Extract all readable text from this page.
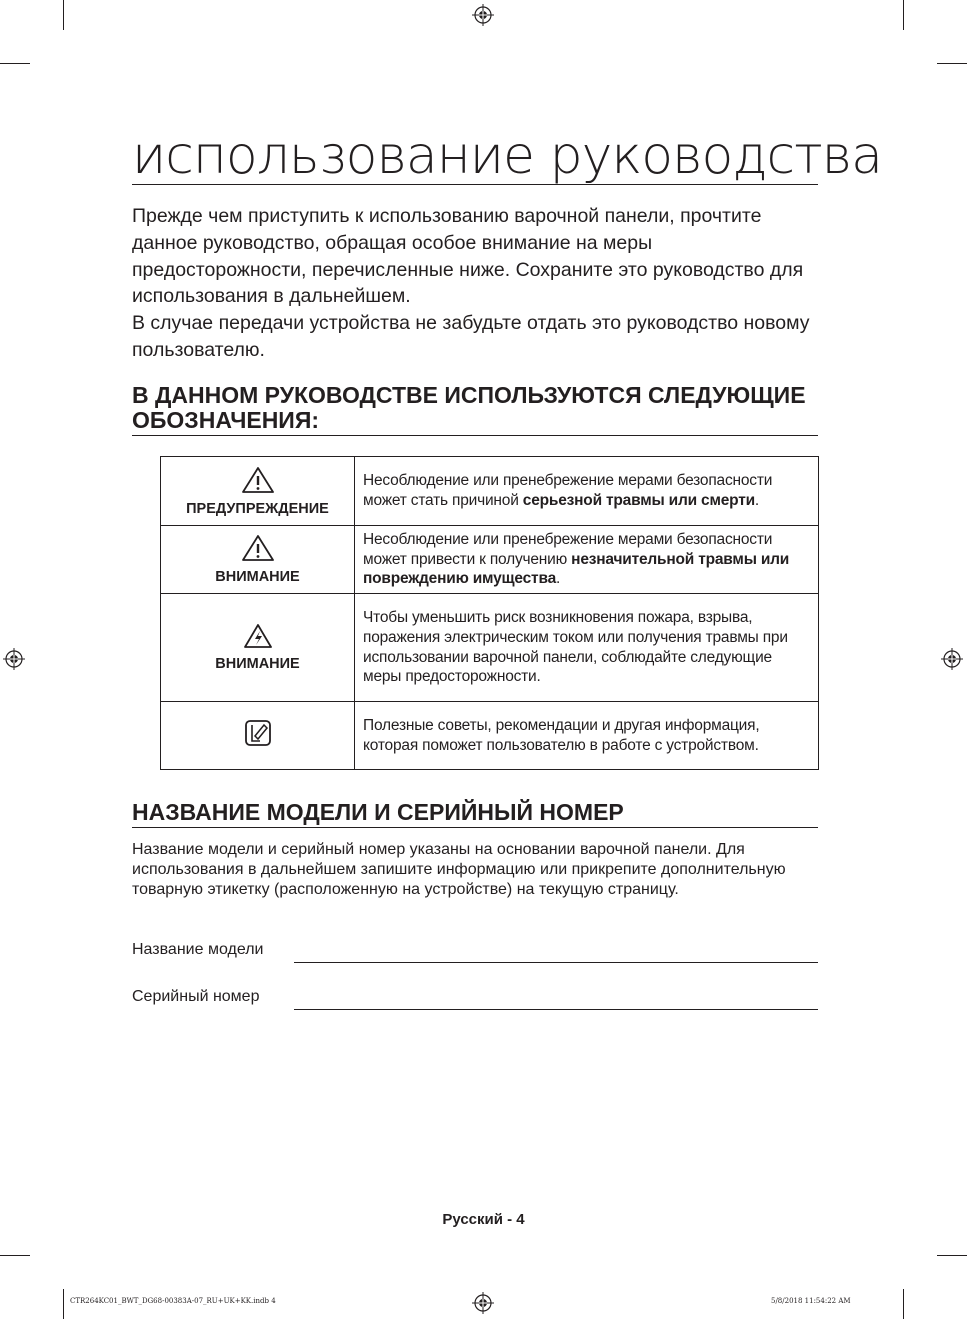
использование руководства

Прежде чем приступить к использованию варочной панели, прочтите данное руководство, обращая особое внимание на меры предосторожности, перечисленные ниже. Сохраните это руководство для использования в дальнейшем.

В случае передачи устройства не забудьте отдать это руководство новому пользователю.

В ДАННОМ РУКОВОДСТВЕ ИСПОЛЬЗУЮТСЯ СЛЕДУЮЩИЕ ОБОЗНАЧЕНИЯ:
ПРЕДУПРЕЖДЕНИЕ	Несоблюдение или пренебрежение мерами безопасности может стать причиной серьезной травмы или смерти.

ВНИМАНИЕ	Несоблюдение или пренебрежение мерами безопасности может привести к получению незначительной травмы или повреждению имущества.

ВНИМАНИЕ	Чтобы уменьшить риск возникновения пожара, взрыва, поражения электрическим током или получения травмы при использовании варочной панели, соблюдайте следующие меры предосторожности.
	Полезные советы, рекомендации и другая информация, которая поможет пользователю в работе с устройством.
НАЗВАНИЕ МОДЕЛИ И СЕРИЙНЫЙ НОМЕР
Название модели и серийный номер указаны на основании варочной панели. Для использования в дальнейшем запишите информацию или прикрепите дополнительную товарную этикетку (расположенную на устройстве) на текущую страницу.
Название модели
Серийный номер
Русский - 4
CTR264KC01_BWT_DG68-00383A-07_RU+UK+KK.indb 4	5/8/2018 11:54:22 AM
